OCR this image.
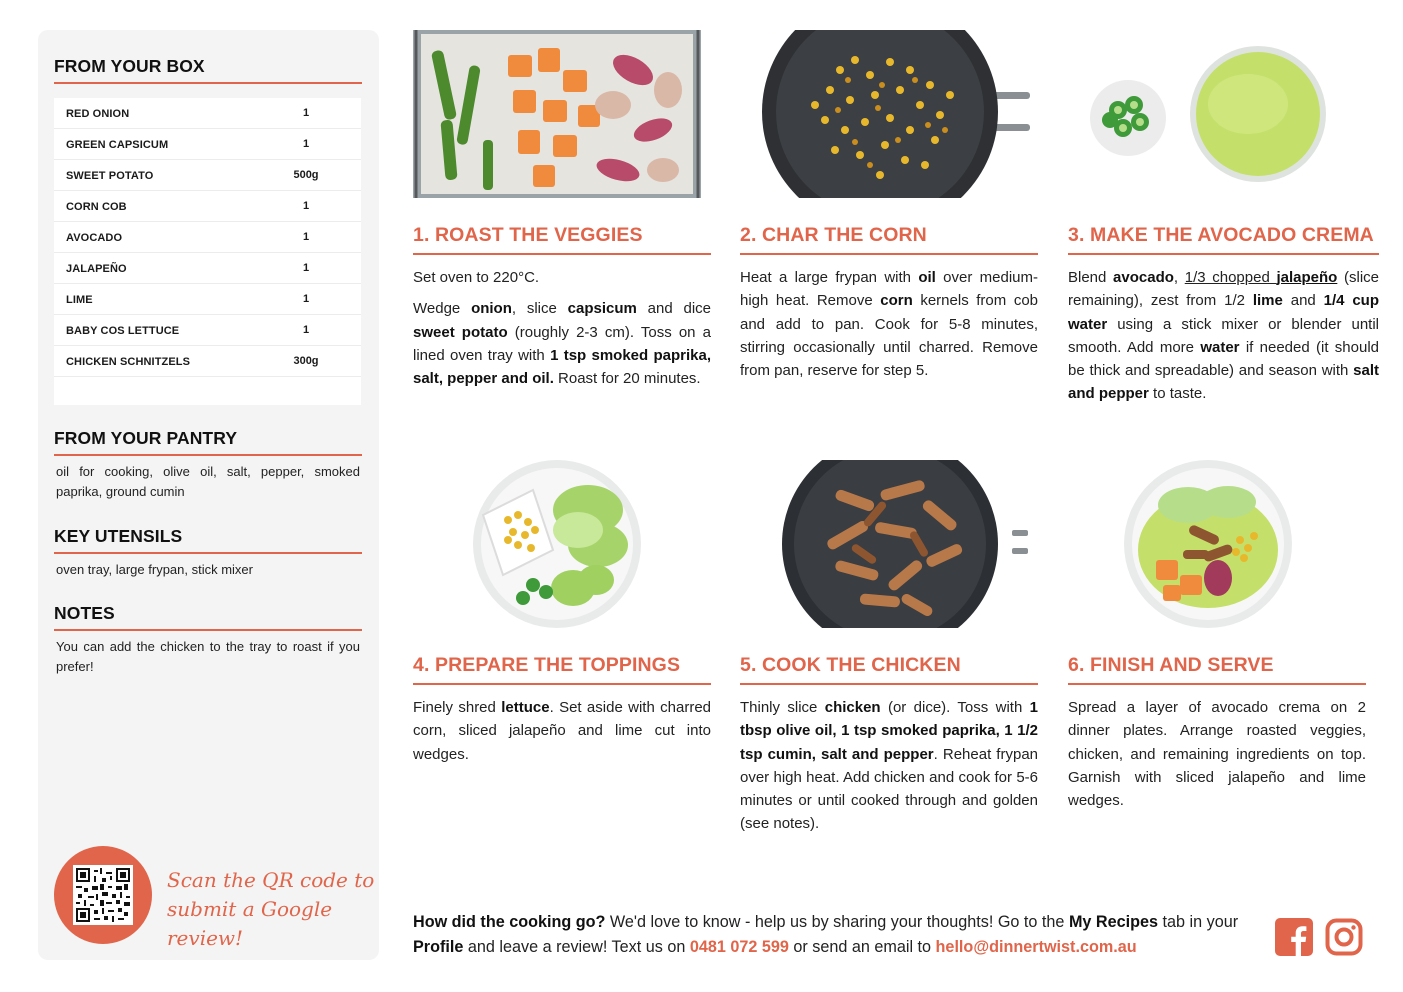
FROM YOUR BOX
RED ONION	1
GREEN CAPSICUM	1
SWEET POTATO	500g
CORN COB	1
AVOCADO	1
JALAPEÑO	1
LIME	1
BABY COS LETTUCE	1
CHICKEN SCHNITZELS	300g
FROM YOUR PANTRY
oil for cooking, olive oil, salt, pepper, smoked paprika, ground cumin
KEY UTENSILS
oven tray, large frypan, stick mixer
NOTES
You can add the chicken to the tray to roast if you prefer!
Scan the QR code to
submit a Google review!
1. ROAST THE VEGGIES

Set oven to 220°C.

Wedge onion, slice capsicum and dice sweet potato (roughly 2-3 cm). Toss on a lined oven tray with 1 tsp smoked paprika, salt, pepper and oil. Roast for 20 minutes.

2. CHAR THE CORN

Heat a large frypan with oil over medium-high heat. Remove corn kernels from cob and add to pan. Cook for 5-8 minutes, stirring occasionally until charred. Remove from pan, reserve for step 5.

3. MAKE THE AVOCADO CREMA

Blend avocado, 1/3 chopped jalapeño (slice remaining), zest from 1/2 lime and 1/4 cup water using a stick mixer or blender until smooth. Add more water if needed (it should be thick and spreadable) and season with salt and pepper to taste.

4. PREPARE THE TOPPINGS

Finely shred lettuce. Set aside with charred corn, sliced jalapeño and lime cut into wedges.

5. COOK THE CHICKEN

Thinly slice chicken (or dice). Toss with 1 tbsp olive oil, 1 tsp smoked paprika, 1 1/2 tsp cumin, salt and pepper. Reheat frypan over high heat. Add chicken and cook for 5-6 minutes or until cooked through and golden (see notes).

6. FINISH AND SERVE

Spread a layer of avocado crema on 2 dinner plates. Arrange roasted veggies, chicken, and remaining ingredients on top. Garnish with sliced jalapeño and lime wedges.

How did the cooking go? We'd love to know - help us by sharing your thoughts! Go to the My Recipes tab in your Profile and leave a review! Text us on 0481 072 599 or send an email to hello@dinnertwist.com.au
